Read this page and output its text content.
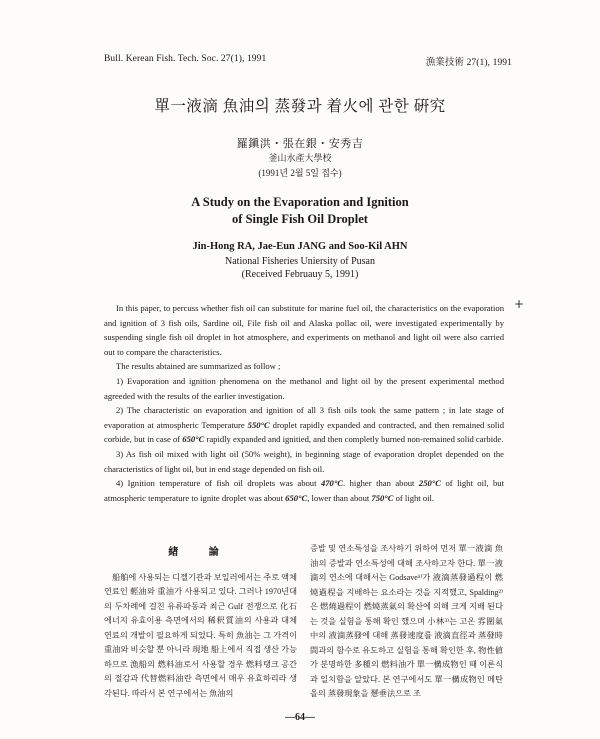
Bull. Kerean Fish. Tech. Soc. 27(1), 1991	漁業技術 27(1), 1991
單一液滴 魚油의 蒸發과 着火에 관한 硏究
羅鎭洪・張在銀・安秀吉
釜山水產大學校
(1991년 2월 5일 접수)
A Study on the Evaporation and Ignition
of Single Fish Oil Droplet
Jin-Hong RA, Jae-Eun JANG and Soo-Kil AHN
National Fisheries Uniersity of Pusan
(Received Februauy 5, 1991)
+

In this paper, to percuss whether fish oil can substitute for marine fuel oil, the characteristics on the evaporation and ignition of 3 fish oils, Sardine oil, File fish oil and Alaska pollac oil, were investigated experimentally by suspending single fish oil droplet in hot atmosphere, and experiments on methanol and light oil were also carried out to compare the characteristics.

The results abtained are summarized as follow ;

1) Evaporation and ignition phenomena on the methanol and light oil by the present experimental method agreeded with the results of the earlier investigation.

2) The characteristic on evaporation and ignition of all 3 fish oils took the same pattern ; in late stage of evaporation at atmospheric Temperature 550°C droplet rapidly expanded and contracted, and then remained solid corbide, but in case of 650°C rapidly expanded and ignitied, and then completly burned non-remained solid carbide.

3) As fish oil mixed with light oil (50% weight), in beginning stage of evaporation droplet depended on the characteristics of light oil, but in end stage depended on fish oil.

4) Ignition temperature of fish oil droplets was about 470°C. higher than about 250°C of light oil, but atmospheric temperature to ignite droplet was about 650°C, lower than about 750°C of light oil.

緖 論

船舶에 사용되는 디젤기관과 보일러에서는 주로 액체연료인 輕油와 重油가 사용되고 있다. 그러나 1970년대의 두차례에 걸친 유류파동과 최근 Gulf 전쟁으로 化石에너지 유효이용 측면에서의 稀釈質油의 사용과 대체연료의 개발이 필요하게 되었다. 특히 魚油는 그 가격이 重油와 비슷할 뿐 아니라 現地 船上에서 직접 생산 가능하므로 漁船의 燃料油로서 사용할 경우 燃料탱크 공간의 절감과 代替燃料油란 측면에서 매우 유효하리라 생각된다. 따라서 본 연구에서는 魚油의

증발 및 연소특성을 조사하기 위하여 먼저 單一液滴 魚油의 증발과 연소특성에 대해 조사하고자 한다. 單一液滴의 연소에 대해서는 Godsave¹⁾가 液滴蒸發過程이 燃燒過程을 지배하는 요소라는 것을 지적했고, Spalding²⁾은 燃燒過程이 燃燒蒸氣의 확산에 의해 크게 지배 된다는 것을 실험을 통해 확인 했으며 小林³⁾는 고온 雰圍氣中의 液滴蒸發에 대해 蒸發速度를 液滴直徑과 蒸發時間과의 함수로 유도하고 실험을 통해 확인한 후, 物性値가 분명하한 多種의 燃料油가 單一構成物인 때 이론식과 일치함을 알았다. 본 연구에서도 單一構成物인 메탄올의 蒸發現象을 懸垂法으로 조

—64—
